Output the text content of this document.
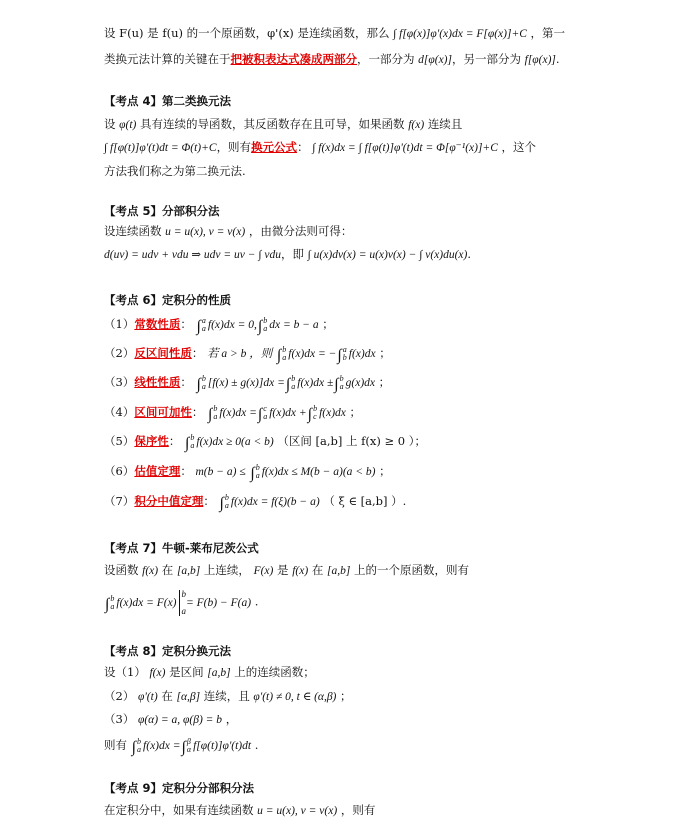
设 F(u) 是 f(u) 的一个原函数，φ'(x) 是连续函数，那么 ∫ f[φ(x)]φ'(x)dx = F[φ(x)]+C ，第一
类换元法计算的关键在于把被积表达式凑成两部分，一部分为 d[φ(x)]，另一部分为 f[φ(x)].
【考点 4】第二类换元法
设 φ(t) 具有连续的导函数，其反函数存在且可导，如果函数 f(x) 连续且
∫ f[φ(t)]φ'(t)dt = Φ(t)+C，则有换元公式： ∫ f(x)dx = ∫ f[φ(t)]φ'(t)dt = Φ[φ⁻¹(x)]+C ，这个
方法我们称之为第二换元法.
【考点 5】分部积分法
设连续函数 u = u(x), v = v(x) ，由微分法则可得：
d(uv) = udv + vdu ⇒ udv = uv − ∫ vdu，即 ∫ u(x)dv(x) = u(x)v(x) − ∫ v(x)du(x).
【考点 6】定积分的性质
（1）常数性质： ∫ a
a f(x)dx = 0,∫ b
a dx = b − a ；
（2）反区间性质： 若 a > b ，则 ∫ b
a f(x)dx = −∫ a
b f(x)dx ；
（3）线性性质： ∫ b
a [f(x) ± g(x)]dx =∫ b
a f(x)dx ±∫ b
a g(x)dx ；
（4）区间可加性： ∫ b
a f(x)dx =∫ c
a f(x)dx +∫ b
c f(x)dx ；
（5）保序性： ∫ b
a f(x)dx ≥ 0(a < b) （区间 [a,b] 上 f(x) ≥ 0 ）；
（6）估值定理： m(b − a) ≤ ∫ b
a f(x)dx ≤ M(b − a)(a < b) ；
（7）积分中值定理： ∫ b
a f(x)dx = f(ξ)(b − a) （ ξ ∈ [a,b] ）.
【考点 7】牛顿-莱布尼茨公式
设函数 f(x) 在 [a,b] 上连续， F(x) 是 f(x) 在 [a,b] 上的一个原函数，则有
∫ b
a f(x)dx = F(x)
b
a
= F(b) − F(a) .
【考点 8】定积分换元法
设（1） f(x) 是区间 [a,b] 上的连续函数；
（2） φ'(t) 在 [α,β] 连续，且 φ'(t) ≠ 0, t ∈ (α,β) ；
（3） φ(α) = a, φ(β) = b ，
则有 ∫ b
a f(x)dx =∫ β
α f[φ(t)]φ'(t)dt .
【考点 9】定积分分部积分法
在定积分中，如果有连续函数 u = u(x), v = v(x) ，则有
